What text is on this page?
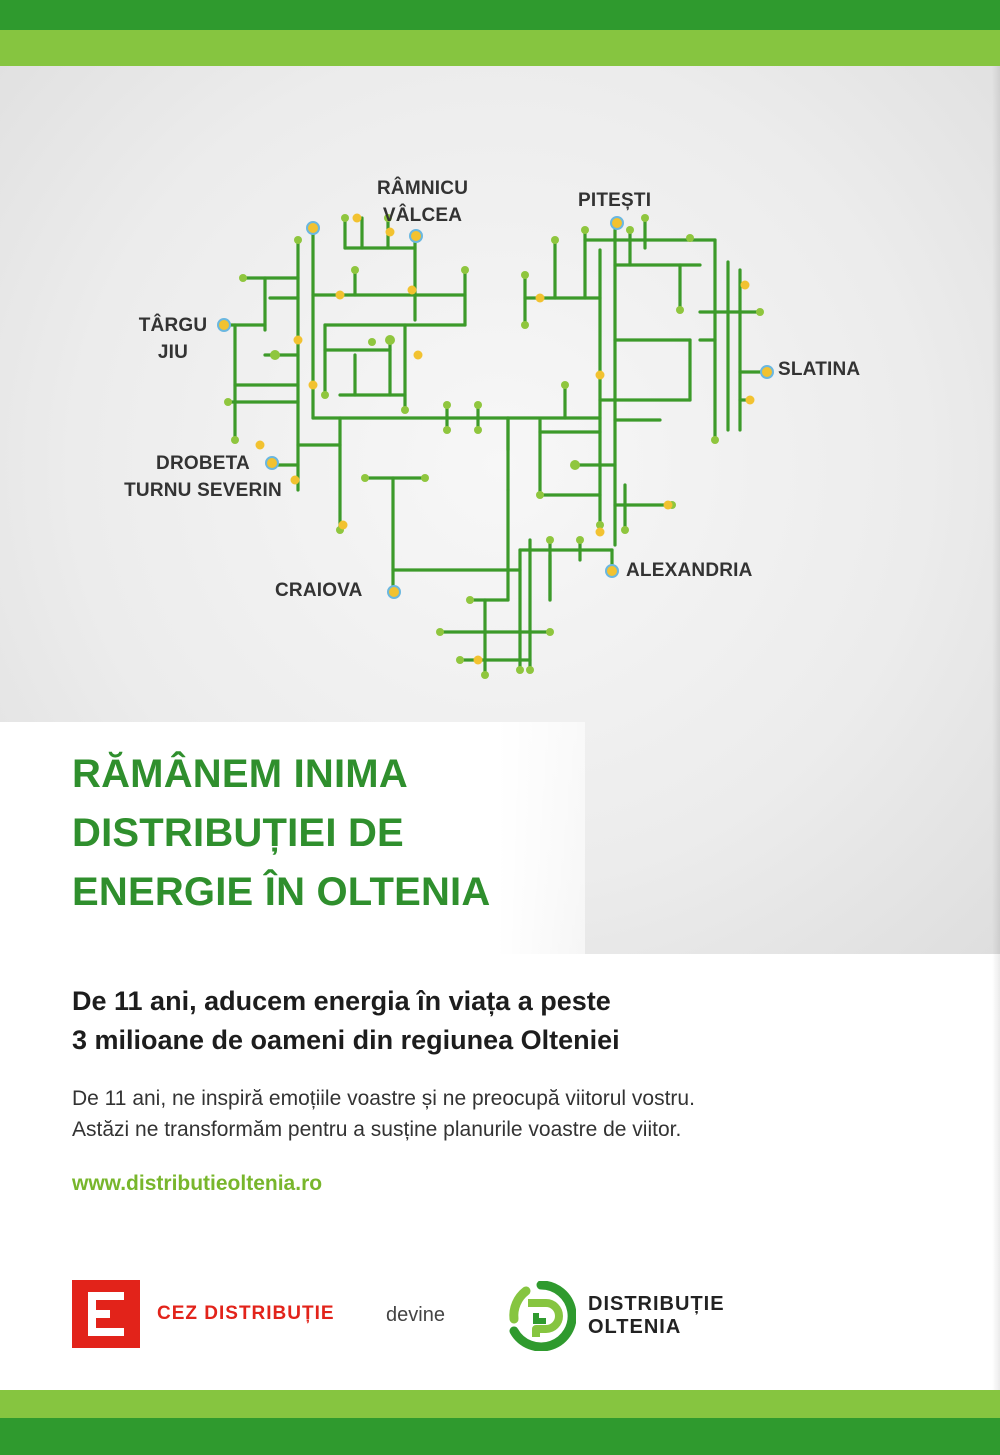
RÂMNICU
VÂLCEA
PITEȘTI
TÂRGU
JIU
SLATINA
DROBETA
TURNU SEVERIN
CRAIOVA
ALEXANDRIA
RĂMÂNEM INIMA
DISTRIBUȚIEI DE
ENERGIE ÎN OLTENIA
De 11 ani, aducem energia în viața a peste
3 milioane de oameni din regiunea Olteniei
De 11 ani, ne inspiră emoțiile voastre și ne preocupă viitorul vostru.
Astăzi ne transformăm pentru a susține planurile voastre de viitor.
www.distributieoltenia.ro
CEZ DISTRIBUȚIE	devine	DISTRIBUȚIE
OLTENIA
